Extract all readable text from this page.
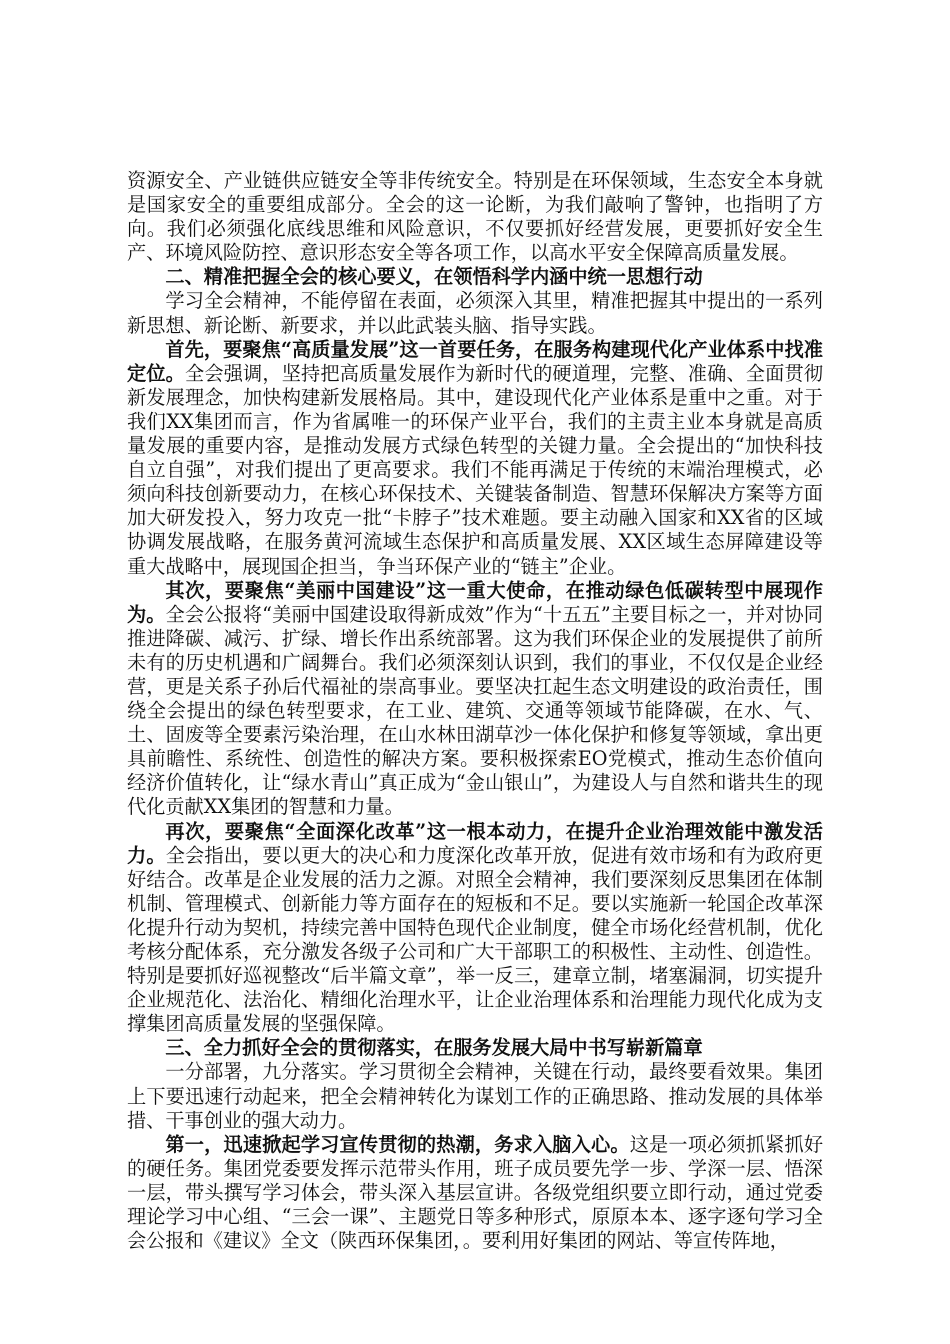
资源安全、产业链供应链安全等非传统安全。特别是在环保领域，生态安全本身就是国家安全的重要组成部分。全会的这一论断，为我们敲响了警钟，也指明了方向。我们必须强化底线思维和风险意识，不仅要抓好经营发展，更要抓好安全生产、环境风险防控、意识形态安全等各项工作，以高水平安全保障高质量发展。

二、精准把握全会的核心要义，在领悟科学内涵中统一思想行动

学习全会精神，不能停留在表面，必须深入其里，精准把握其中提出的一系列新思想、新论断、新要求，并以此武装头脑、指导实践。

首先，要聚焦“高质量发展”这一首要任务，在服务构建现代化产业体系中找准定位。全会强调，坚持把高质量发展作为新时代的硬道理，完整、准确、全面贯彻新发展理念，加快构建新发展格局。其中，建设现代化产业体系是重中之重。对于我们XX集团而言，作为省属唯一的环保产业平台，我们的主责主业本身就是高质量发展的重要内容，是推动发展方式绿色转型的关键力量。全会提出的“加快科技自立自强”，对我们提出了更高要求。我们不能再满足于传统的末端治理模式，必须向科技创新要动力，在核心环保技术、关键装备制造、智慧环保解决方案等方面加大研发投入，努力攻克一批“卡脖子”技术难题。要主动融入国家和XX省的区域协调发展战略，在服务黄河流域生态保护和高质量发展、XX区域生态屏障建设等重大战略中，展现国企担当，争当环保产业的“链主”企业。

其次，要聚焦“美丽中国建设”这一重大使命，在推动绿色低碳转型中展现作为。全会公报将“美丽中国建设取得新成效”作为“十五五”主要目标之一，并对协同推进降碳、减污、扩绿、增长作出系统部署。这为我们环保企业的发展提供了前所未有的历史机遇和广阔舞台。我们必须深刻认识到，我们的事业，不仅仅是企业经营，更是关系子孙后代福祉的崇高事业。要坚决扛起生态文明建设的政治责任，围绕全会提出的绿色转型要求，在工业、建筑、交通等领域节能降碳，在水、气、土、固废等全要素污染治理，在山水林田湖草沙一体化保护和修复等领域，拿出更具前瞻性、系统性、创造性的解决方案。要积极探索EO党模式，推动生态价值向经济价值转化，让“绿水青山”真正成为“金山银山”，为建设人与自然和谐共生的现代化贡献XX集团的智慧和力量。

再次，要聚焦“全面深化改革”这一根本动力，在提升企业治理效能中激发活力。全会指出，要以更大的决心和力度深化改革开放，促进有效市场和有为政府更好结合。改革是企业发展的活力之源。对照全会精神，我们要深刻反思集团在体制机制、管理模式、创新能力等方面存在的短板和不足。要以实施新一轮国企改革深化提升行动为契机，持续完善中国特色现代企业制度，健全市场化经营机制，优化考核分配体系，充分激发各级子公司和广大干部职工的积极性、主动性、创造性。特别是要抓好巡视整改“后半篇文章”，举一反三，建章立制，堵塞漏洞，切实提升企业规范化、法治化、精细化治理水平，让企业治理体系和治理能力现代化成为支撑集团高质量发展的坚强保障。

三、全力抓好全会的贯彻落实，在服务发展大局中书写崭新篇章

一分部署，九分落实。学习贯彻全会精神，关键在行动，最终要看效果。集团上下要迅速行动起来，把全会精神转化为谋划工作的正确思路、推动发展的具体举措、干事创业的强大动力。

第一，迅速掀起学习宣传贯彻的热潮，务求入脑入心。这是一项必须抓紧抓好的硬任务。集团党委要发挥示范带头作用，班子成员要先学一步、学深一层、悟深一层，带头撰写学习体会，带头深入基层宣讲。各级党组织要立即行动，通过党委理论学习中心组、“三会一课”、主题党日等多种形式，原原本本、逐字逐句学习全会公报和《建议》全文（陕西环保集团，。要利用好集团的网站、等宣传阵地，
